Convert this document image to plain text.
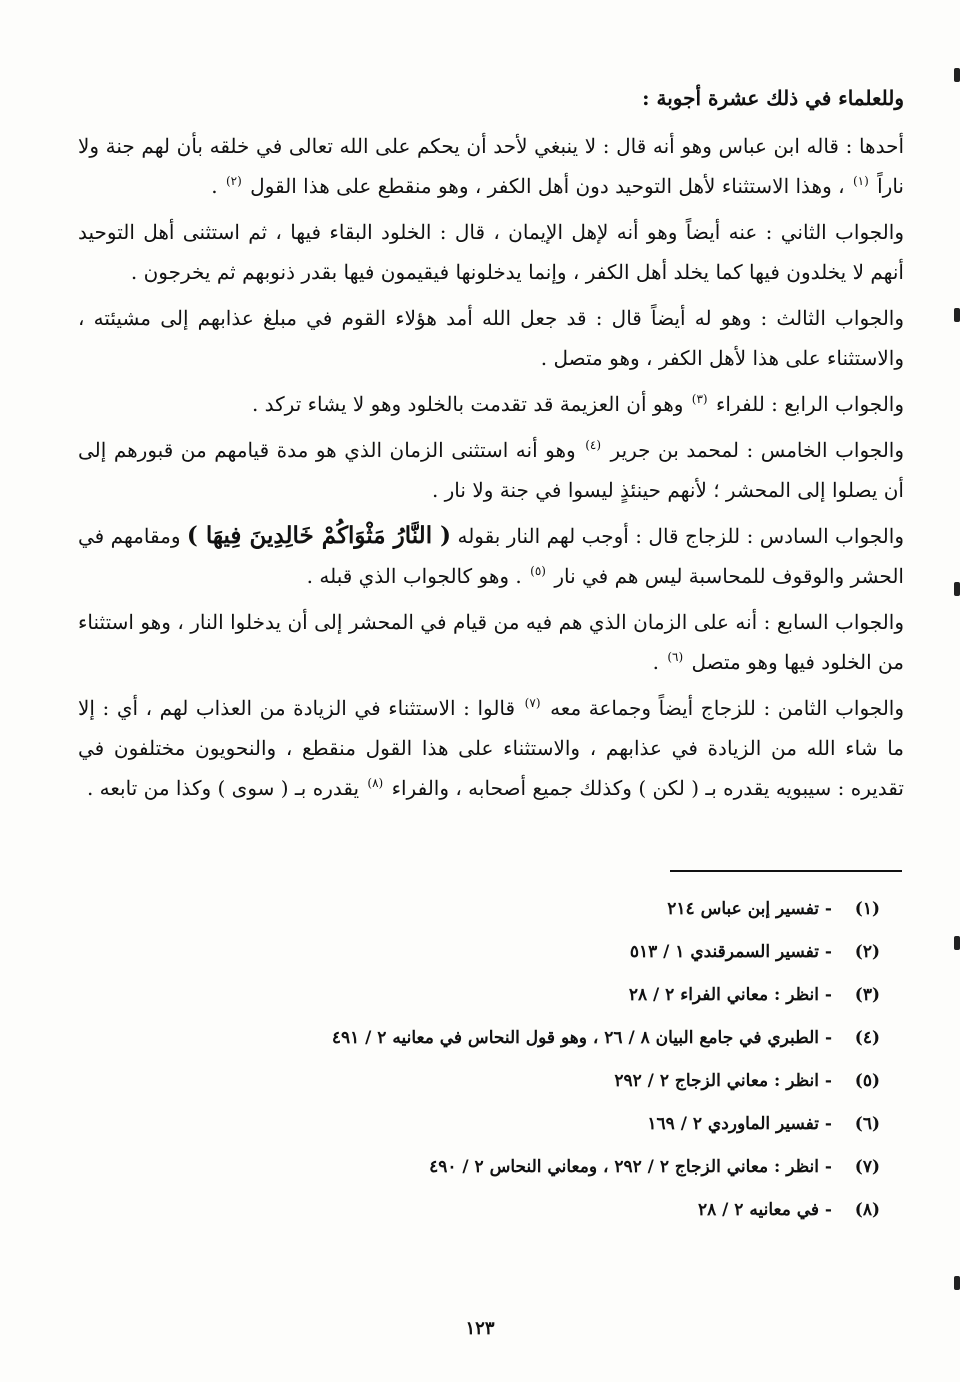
وللعلماء في ذلك عشرة أجوبة :

أحدها : قاله ابن عباس وهو أنه قال : لا ينبغي لأحد أن يحكم على الله تعالى في خلقه بأن لهم جنة ولا ناراً $^{(١)}$ ، وهذا الاستثناء لأهل التوحيد دون أهل الكفر ، وهو منقطع على هذا القول $^{(٢)}$ .

والجواب الثاني : عنه أيضاً وهو أنه لإهل الإيمان ، قال : الخلود البقاء فيها ، ثم استثنى أهل التوحيد أنهم لا يخلدون فيها كما يخلد أهل الكفر ، وإنما يدخلونها فيقيمون فيها بقدر ذنوبهم ثم يخرجون .

والجواب الثالث : وهو له أيضاً قال : قد جعل الله أمد هؤلاء القوم في مبلغ عذابهم إلى مشيئته ، والاستثناء على هذا لأهل الكفر ، وهو متصل .

والجواب الرابع : للفراء $^{(٣)}$ وهو أن العزيمة قد تقدمت بالخلود وهو لا يشاء تركد .

والجواب الخامس : لمحمد بن جرير $^{(٤)}$ وهو أنه استثنى الزمان الذي هو مدة قيامهم من قبورهم إلى أن يصلوا إلى المحشر ؛ لأنهم حينئذٍ ليسوا في جنة ولا نار .

والجواب السادس : للزجاج قال : أوجب لهم النار بقوله ( النَّارُ مَثْوَاكُمْ خَالِدِينَ فِيهَا ) ومقامهم في الحشر والوقوف للمحاسبة ليس هم في نار $^{(٥)}$ . وهو كالجواب الذي قبله .

والجواب السابع : أنه على الزمان الذي هم فيه من قيام في المحشر إلى أن يدخلوا النار ، وهو استثناء من الخلود فيها وهو متصل $^{(٦)}$ .

والجواب الثامن : للزجاج أيضاً وجماعة معه $^{(٧)}$ قالوا : الاستثناء في الزيادة من العذاب لهم ، أي : إلا ما شاء الله من الزيادة في عذابهم ، والاستثناء على هذا القول منقطع ، والنحويون مختلفون في تقديره : سيبويه يقدره بـ ( لكن ) وكذلك جميع أصحابه ، والفراء $^{(٨)}$ يقدره بـ ( سوى ) وكذا من تابعه .

(١)
- تفسير إبن عباس ٢١٤
(٢)
- تفسير السمرقندي ١ / ٥١٣
(٣)
- انظر : معاني الفراء ٢ / ٢٨
(٤)
- الطبري في جامع البيان ٨ / ٢٦ ، وهو قول النحاس في معانيه ٢ / ٤٩١
(٥)
- انظر : معاني الزجاج ٢ / ٢٩٢
(٦)
- تفسير الماوردي ٢ / ١٦٩
(٧)
- انظر : معاني الزجاج ٢ / ٢٩٢ ، ومعاني النحاس ٢ / ٤٩٠
(٨)
- في معانيه ٢ / ٢٨
١٢٣
